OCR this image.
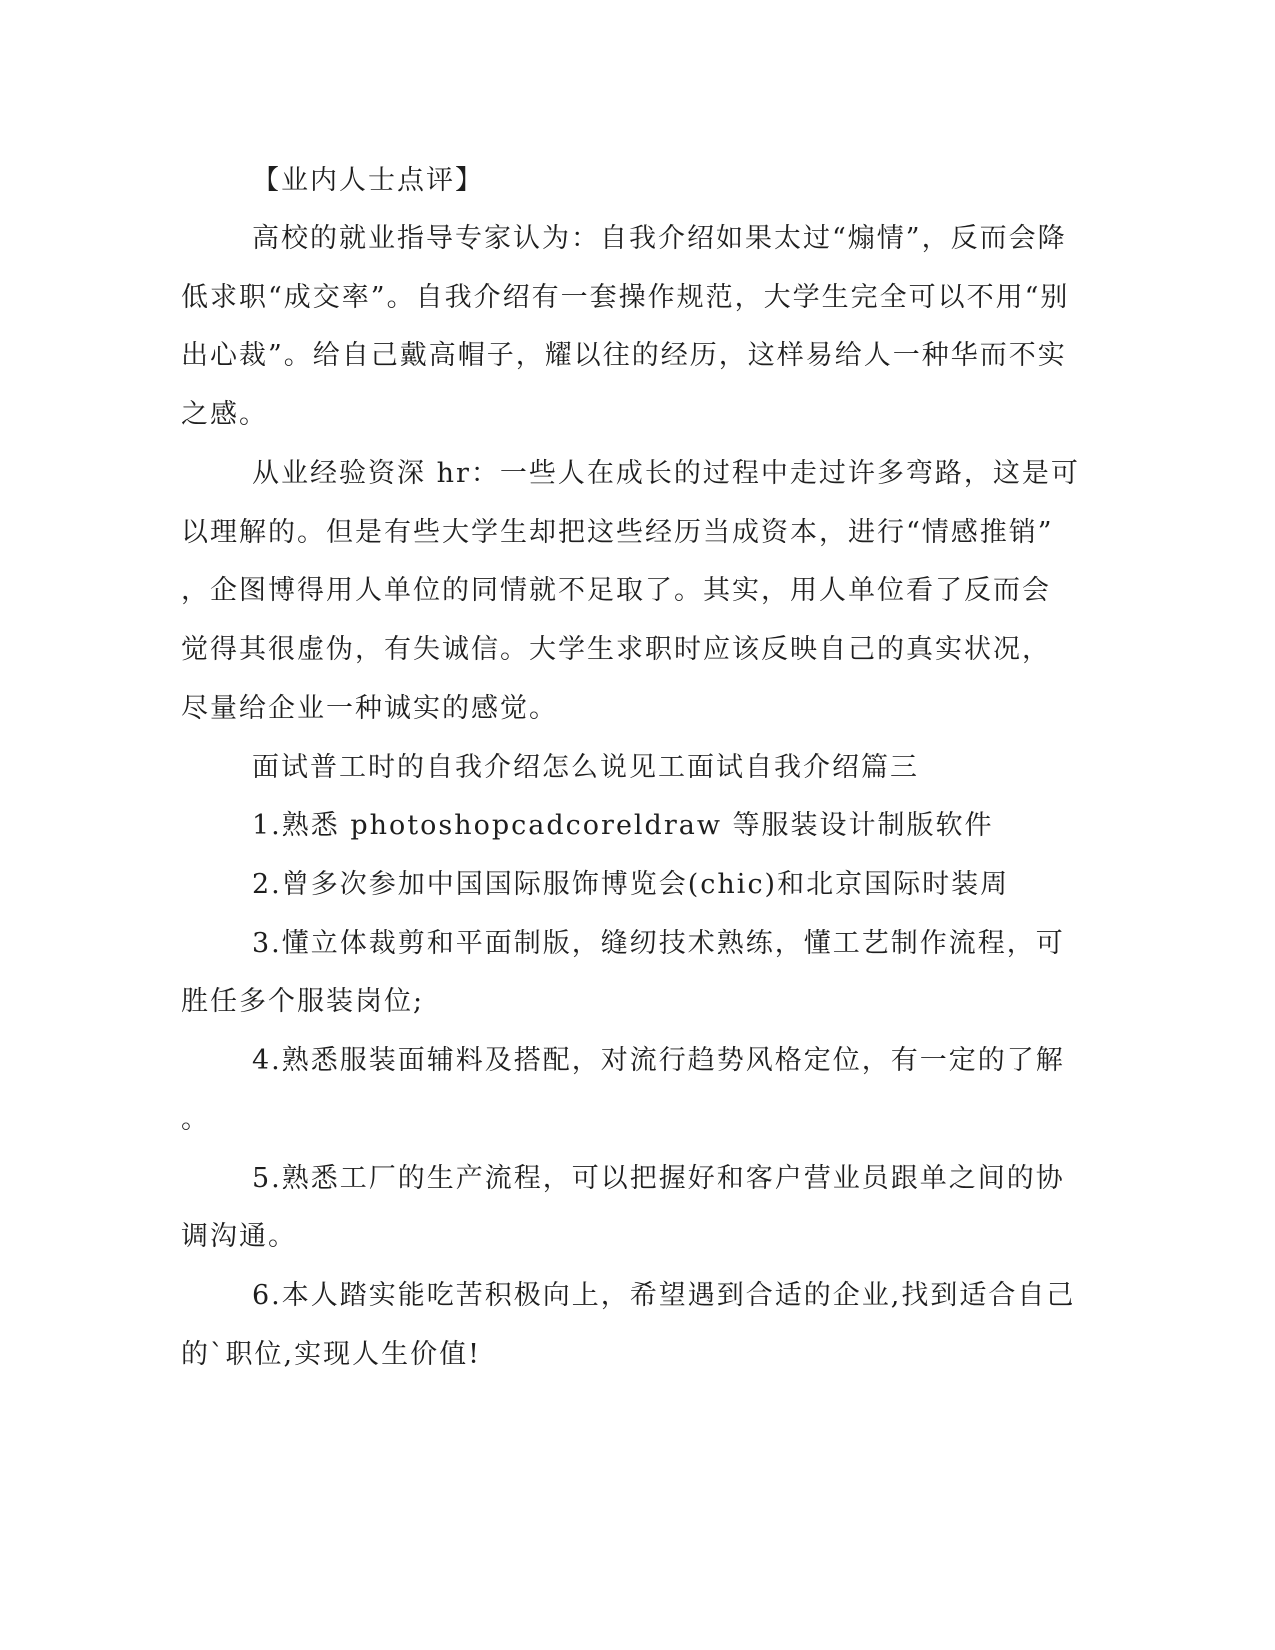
【业内人士点评】
高校的就业指导专家认为：自我介绍如果太过“煽情”，反而会降
低求职“成交率”。自我介绍有一套操作规范，大学生完全可以不用“别
出心裁”。给自己戴高帽子，耀以往的经历，这样易给人一种华而不实
之感。
从业经验资深 hr：一些人在成长的过程中走过许多弯路，这是可
以理解的。但是有些大学生却把这些经历当成资本，进行“情感推销”
，企图博得用人单位的同情就不足取了。其实，用人单位看了反而会
觉得其很虚伪，有失诚信。大学生求职时应该反映自己的真实状况，
尽量给企业一种诚实的感觉。
面试普工时的自我介绍怎么说见工面试自我介绍篇三
1.熟悉 photoshopcadcoreldraw 等服装设计制版软件
2.曾多次参加中国国际服饰博览会(chic)和北京国际时装周
3.懂立体裁剪和平面制版，缝纫技术熟练，懂工艺制作流程，可
胜任多个服装岗位;
4.熟悉服装面辅料及搭配，对流行趋势风格定位，有一定的了解
。
5.熟悉工厂的生产流程，可以把握好和客户营业员跟单之间的协
调沟通。
6.本人踏实能吃苦积极向上，希望遇到合适的企业,找到适合自己
的`职位,实现人生价值!
